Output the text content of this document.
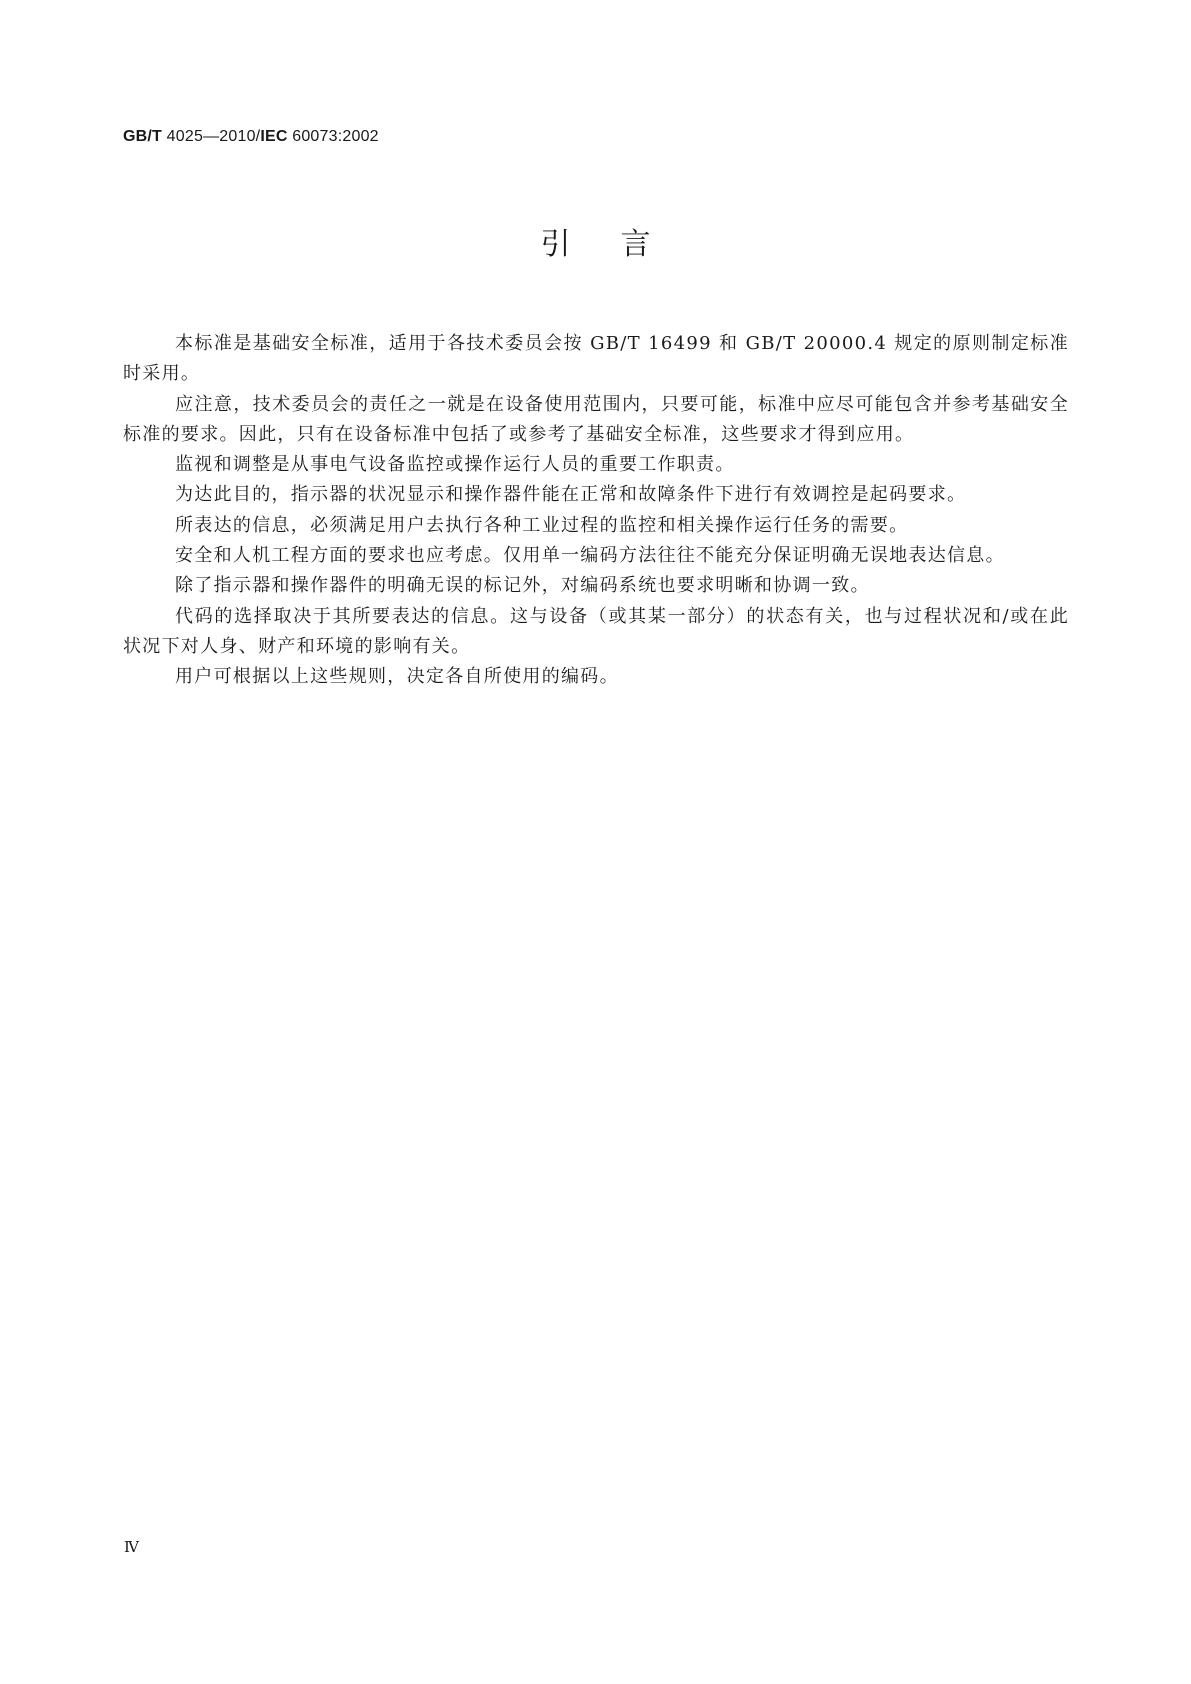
GB/T 4025—2010/IEC 60073:2002
引言

本标准是基础安全标准，适用于各技术委员会按 GB/T 16499 和 GB/T 20000.4 规定的原则制定标准时采用。

应注意，技术委员会的责任之一就是在设备使用范围内，只要可能，标准中应尽可能包含并参考基础安全标准的要求。因此，只有在设备标准中包括了或参考了基础安全标准，这些要求才得到应用。

监视和调整是从事电气设备监控或操作运行人员的重要工作职责。

为达此目的，指示器的状况显示和操作器件能在正常和故障条件下进行有效调控是起码要求。

所表达的信息，必须满足用户去执行各种工业过程的监控和相关操作运行任务的需要。

安全和人机工程方面的要求也应考虑。仅用单一编码方法往往不能充分保证明确无误地表达信息。

除了指示器和操作器件的明确无误的标记外，对编码系统也要求明晰和协调一致。

代码的选择取决于其所要表达的信息。这与设备（或其某一部分）的状态有关，也与过程状况和/或在此状况下对人身、财产和环境的影响有关。

用户可根据以上这些规则，决定各自所使用的编码。

Ⅳ
